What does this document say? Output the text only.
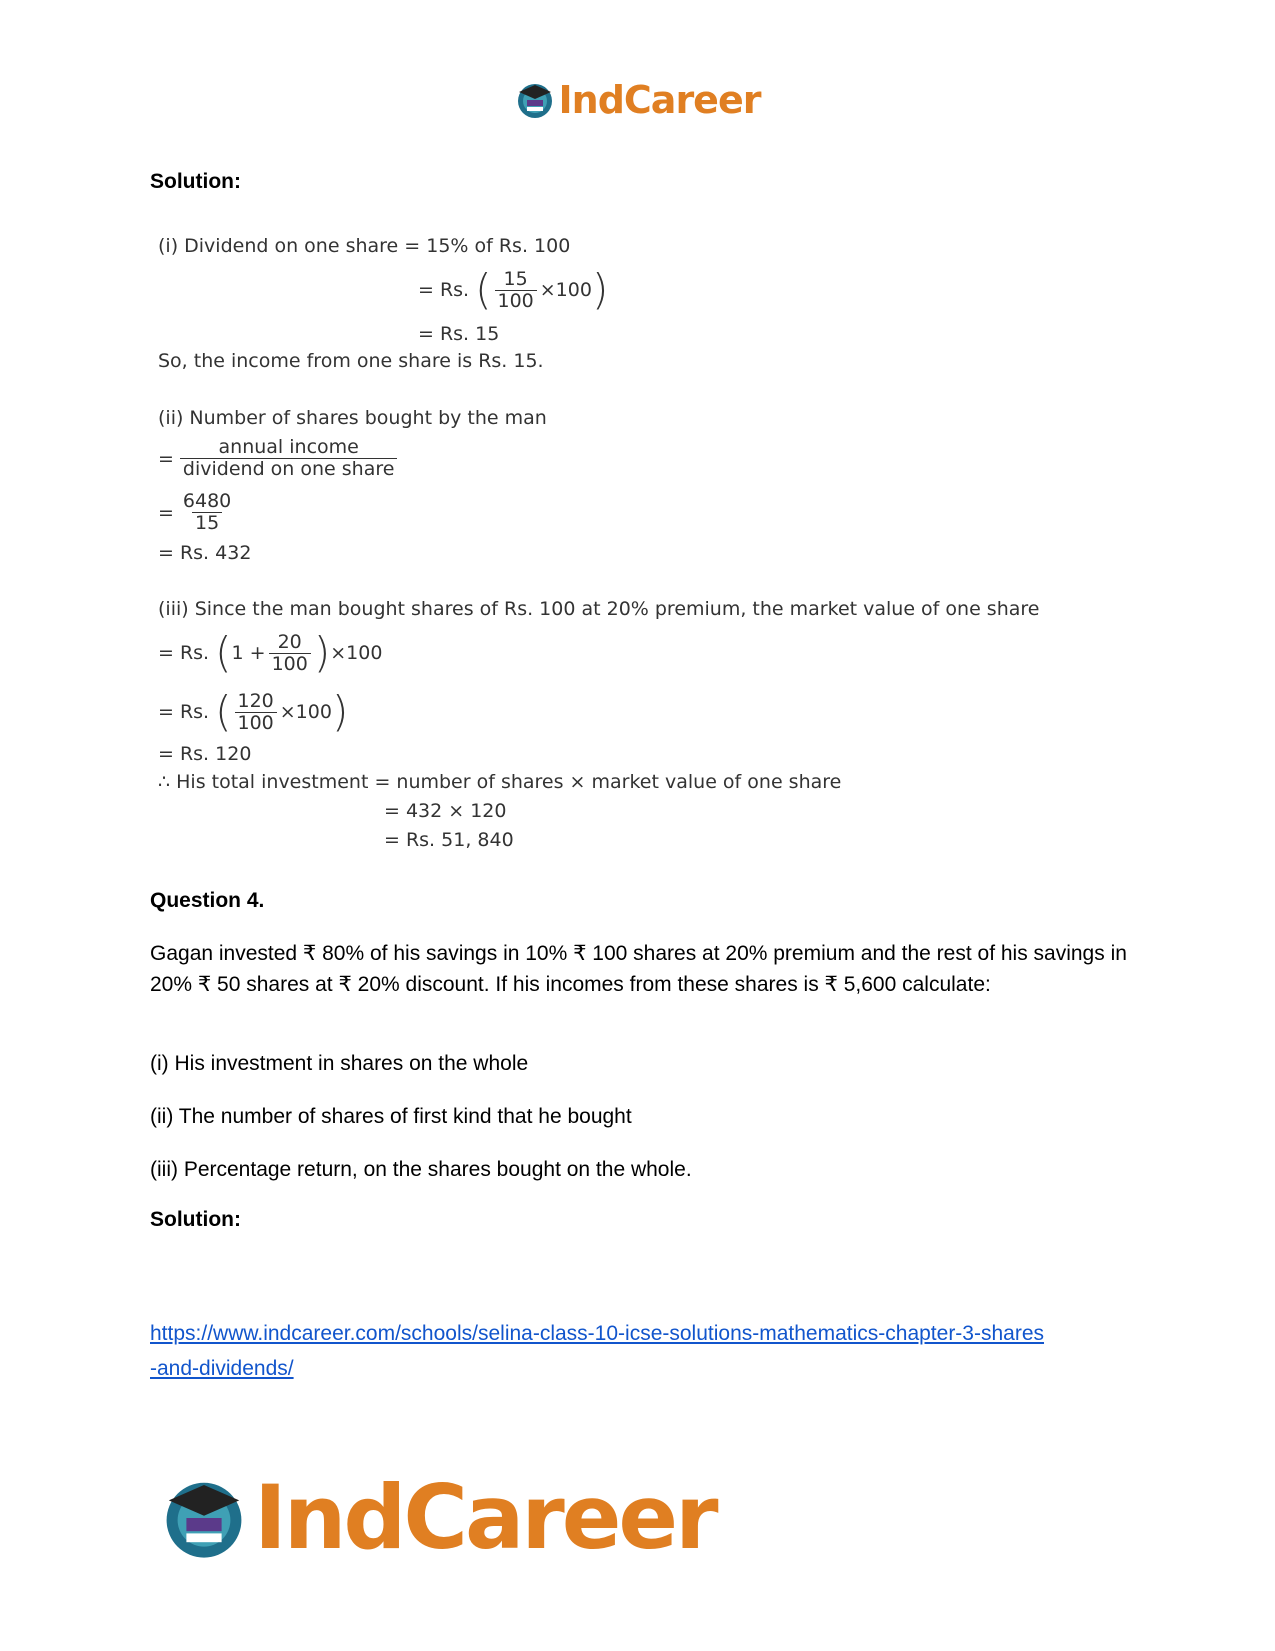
IndCareer
Solution:
(i) Dividend on one share = 15% of Rs. 100
= Rs. ( $\frac{15}{100} \times 100$ )
= Rs. 15
So, the income from one share is Rs. 15.
(ii) Number of shares bought by the man
= $\frac{\text{annual income}}{\text{dividend on one share}}$
= $\frac{6480}{15}$
= Rs. 432
(iii) Since the man bought shares of Rs. 100 at 20% premium, the market value of one share
= Rs. ( $1 + \frac{20}{100}$ ) ×100
= Rs. ( $\frac{120}{100} \times 100$ )
= Rs. 120
∴ His total investment = number of shares × market value of one share
= 432 × 120
= Rs. 51, 840
Question 4.
Gagan invested ₹ 80% of his savings in 10% ₹ 100 shares at 20% premium and the rest of his savings in 20% ₹ 50 shares at ₹ 20% discount. If his incomes from these shares is ₹ 5,600 calculate:
(i) His investment in shares on the whole
(ii) The number of shares of first kind that he bought
(iii) Percentage return, on the shares bought on the whole.
Solution:
https://www.indcareer.com/schools/selina-class-10-icse-solutions-mathematics-chapter-3-shares
-and-dividends/
IndCareer
